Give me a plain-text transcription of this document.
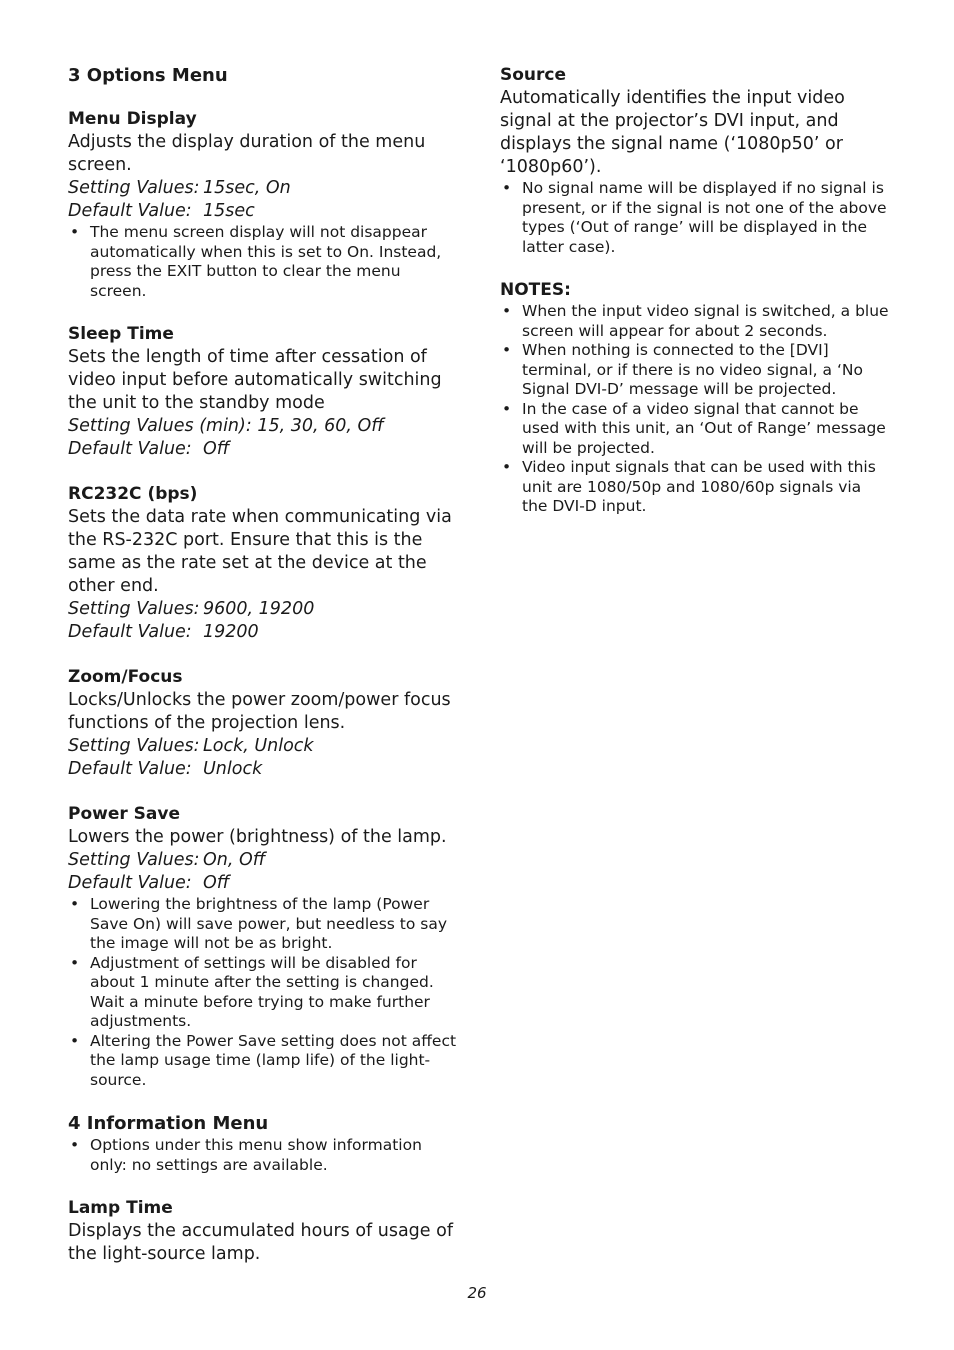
3 Options Menu
Menu Display
Adjusts the display duration of the menu screen.
Setting Values: 15sec, On
Default Value: 15sec
• The menu screen display will not disappear automatically when this is set to On. Instead, press the EXIT button to clear the menu screen.
Sleep Time
Sets the length of time after cessation of video input before automatically switching the unit to the standby mode
Setting Values (min): 15, 30, 60, Off
Default Value: Off
RC232C (bps)
Sets the data rate when communicating via the RS-232C port. Ensure that this is the same as the rate set at the device at the other end.
Setting Values: 9600, 19200
Default Value: 19200
Zoom/Focus
Locks/Unlocks the power zoom/power focus functions of the projection lens.
Setting Values: Lock, Unlock
Default Value: Unlock
Power Save
Lowers the power (brightness) of the lamp.
Setting Values: On, Off
Default Value: Off
• Lowering the brightness of the lamp (Power Save On) will save power, but needless to say the image will not be as bright.
• Adjustment of settings will be disabled for about 1 minute after the setting is changed. Wait a minute before trying to make further adjustments.
• Altering the Power Save setting does not affect the lamp usage time (lamp life) of the light-source.
4 Information Menu
• Options under this menu show information only: no settings are available.
Lamp Time
Displays the accumulated hours of usage of the light-source lamp.
Source
Automatically identifies the input video signal at the projector’s DVI input, and displays the signal name (‘1080p50’ or ‘1080p60’).
• No signal name will be displayed if no signal is present, or if the signal is not one of the above types (‘Out of range’ will be displayed in the latter case).
NOTES:
• When the input video signal is switched, a blue screen will appear for about 2 seconds.
• When nothing is connected to the [DVI] terminal, or if there is no video signal, a ‘No Signal DVI-D’ message will be projected.
• In the case of a video signal that cannot be used with this unit, an ‘Out of Range’ message will be projected.
• Video input signals that can be used with this unit are 1080/50p and 1080/60p signals via the DVI-D input.
26
